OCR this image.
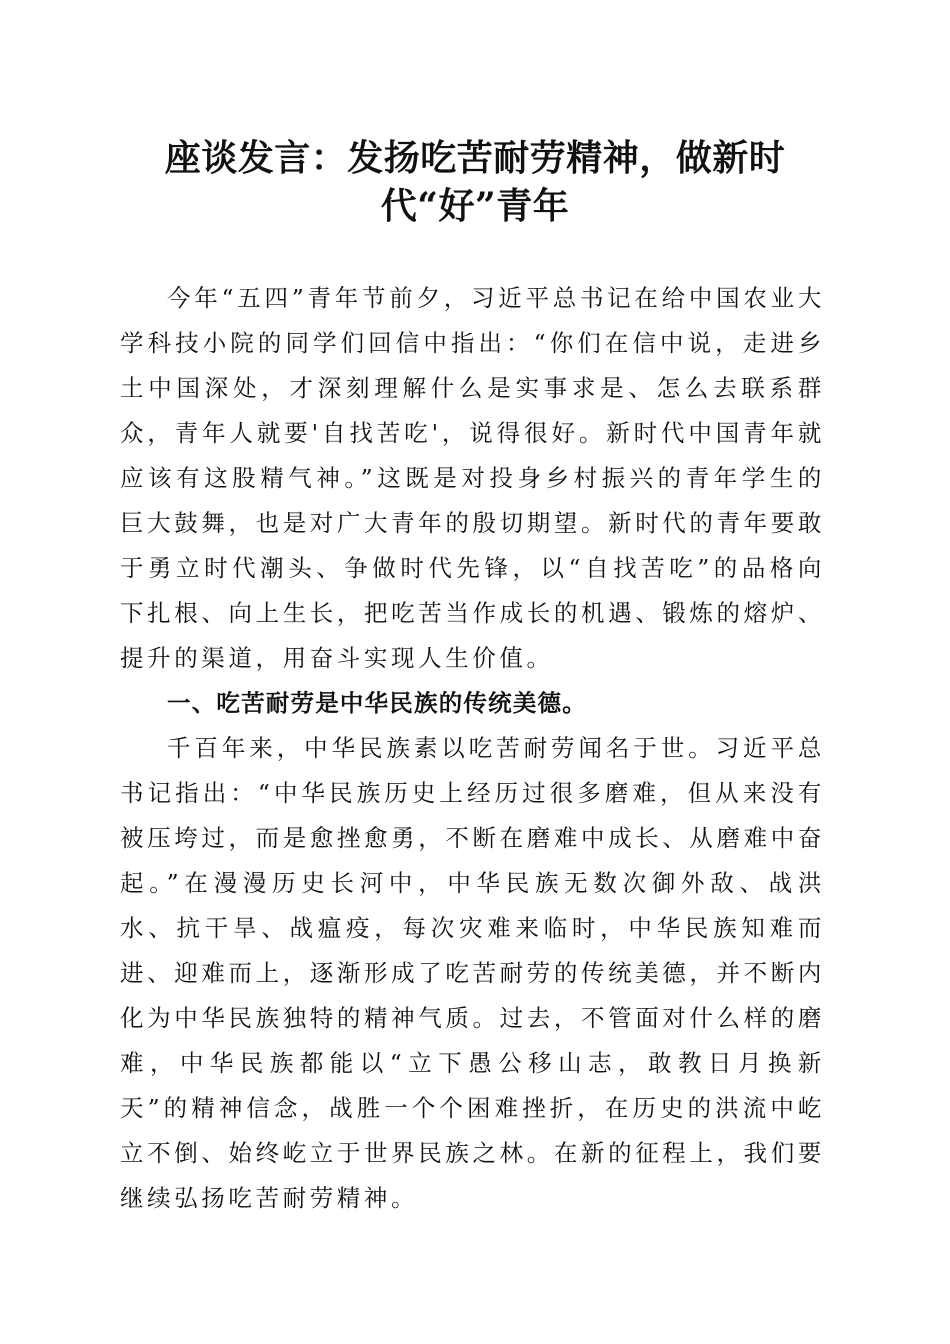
座谈发言：发扬吃苦耐劳精神，做新时
代“好”青年

今年“五四”青年节前夕，习近平总书记在给中国农业大学科技小院的同学们回信中指出：“你们在信中说，走进乡土中国深处，才深刻理解什么是实事求是、怎么去联系群众，青年人就要'自找苦吃'，说得很好。新时代中国青年就应该有这股精气神。”这既是对投身乡村振兴的青年学生的巨大鼓舞，也是对广大青年的殷切期望。新时代的青年要敢于勇立时代潮头、争做时代先锋，以“自找苦吃”的品格向下扎根、向上生长，把吃苦当作成长的机遇、锻炼的熔炉、提升的渠道，用奋斗实现人生价值。

一、吃苦耐劳是中华民族的传统美德。

千百年来，中华民族素以吃苦耐劳闻名于世。习近平总书记指出：“中华民族历史上经历过很多磨难，但从来没有被压垮过，而是愈挫愈勇，不断在磨难中成长、从磨难中奋起。”在漫漫历史长河中，中华民族无数次御外敌、战洪水、抗干旱、战瘟疫，每次灾难来临时，中华民族知难而进、迎难而上，逐渐形成了吃苦耐劳的传统美德，并不断内化为中华民族独特的精神气质。过去，不管面对什么样的磨难，中华民族都能以“立下愚公移山志，敢教日月换新天”的精神信念，战胜一个个困难挫折，在历史的洪流中屹立不倒、始终屹立于世界民族之林。在新的征程上，我们要继续弘扬吃苦耐劳精神。
